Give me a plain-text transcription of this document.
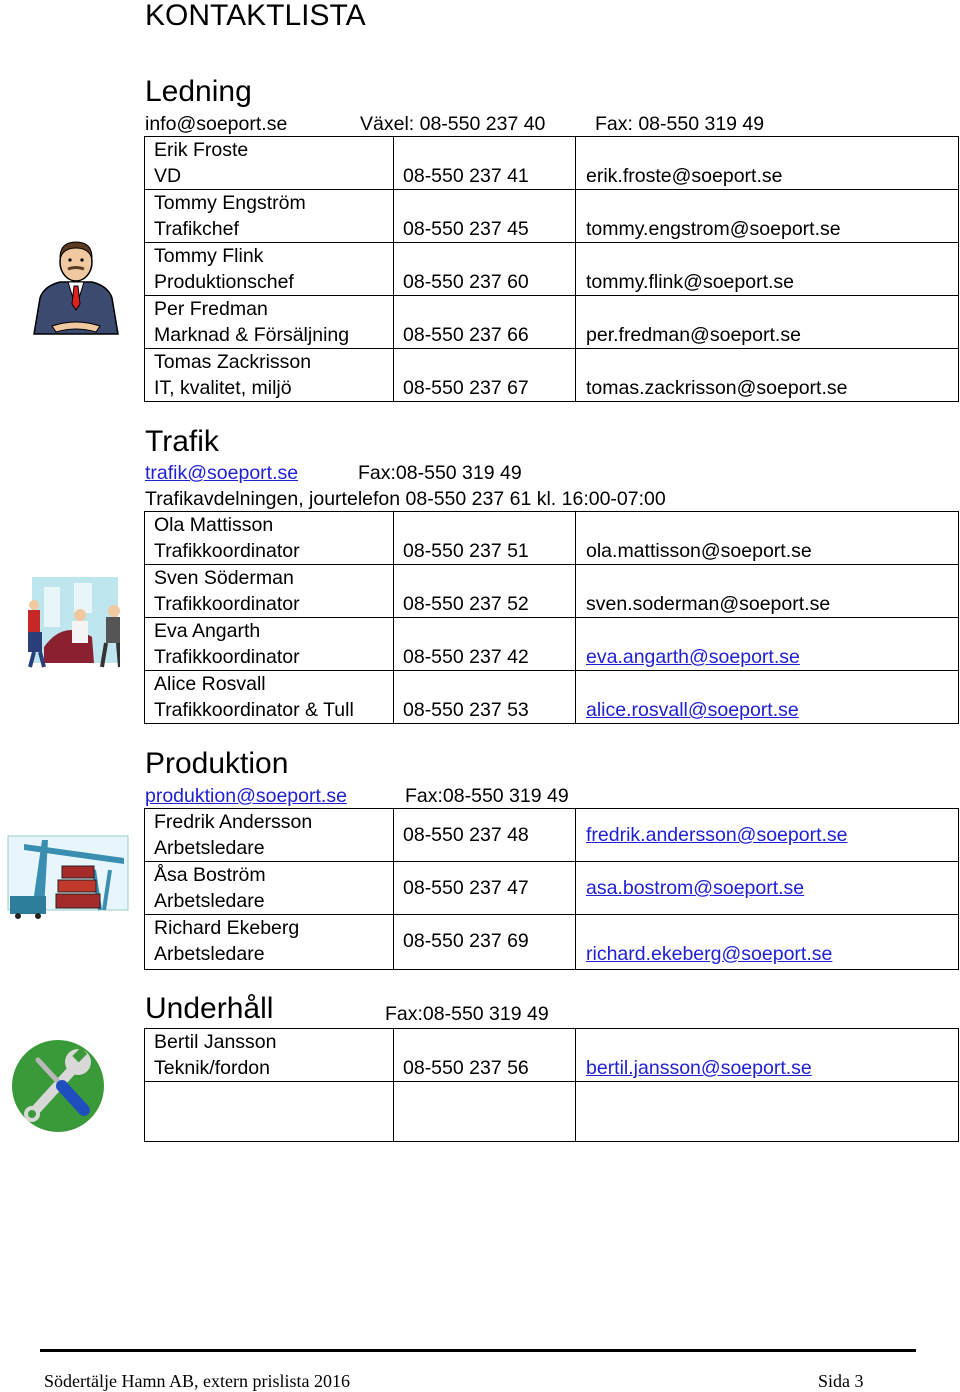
KONTAKTLISTA
Ledning
info@soeport.se	Växel: 08-550 237 40	Fax: 08-550 319 49
Erik Froste
VD	08-550 237 41	erik.froste@soeport.se
Tommy Engström
Trafikchef	08-550 237 45	tommy.engstrom@soeport.se
Tommy Flink
Produktionschef	08-550 237 60	tommy.flink@soeport.se
Per Fredman
Marknad & Försäljning	08-550 237 66	per.fredman@soeport.se
Tomas Zackrisson
IT, kvalitet, miljö	08-550 237 67	tomas.zackrisson@soeport.se
Trafik
trafik@soeport.se	Fax:08-550 319 49
Trafikavdelningen, jourtelefon 08-550 237 61 kl. 16:00-07:00
Ola Mattisson
Trafikkoordinator	08-550 237 51	ola.mattisson@soeport.se
Sven Söderman
Trafikkoordinator	08-550 237 52	sven.soderman@soeport.se
Eva Angarth
Trafikkoordinator	08-550 237 42	eva.angarth@soeport.se
Alice Rosvall
Trafikkoordinator & Tull	08-550 237 53	alice.rosvall@soeport.se
Produktion
produktion@soeport.se	Fax:08-550 319 49
Fredrik Andersson
Arbetsledare	08-550 237 48	fredrik.andersson@soeport.se
Åsa Boström
Arbetsledare	08-550 237 47	asa.bostrom@soeport.se
Richard Ekeberg
Arbetsledare	08-550 237 69	richard.ekeberg@soeport.se
Underhåll	Fax:08-550 319 49
Bertil Jansson
Teknik/fordon	08-550 237 56	bertil.jansson@soeport.se

Södertälje Hamn AB, extern prislista 2016	Sida 3
